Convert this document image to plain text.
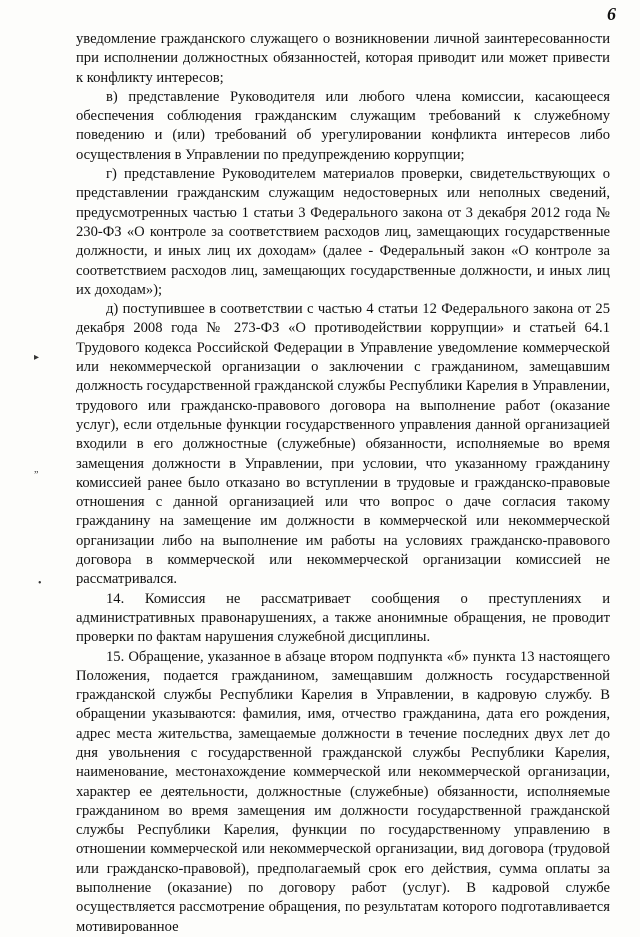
6
▸
”
•

уведомление гражданского служащего о возникновении личной заинтересованности при исполнении должностных обязанностей, которая приводит или может привести к конфликту интересов;

в) представление Руководителя или любого члена комиссии, касающееся обеспечения соблюдения гражданским служащим требований к служебному поведению и (или) требований об урегулировании конфликта интересов либо осуществления в Управлении по предупреждению коррупции;

г) представление Руководителем материалов проверки, свидетельствующих о представлении гражданским служащим недостоверных или неполных сведений, предусмотренных частью 1 статьи 3 Федерального закона от 3 декабря 2012 года № 230-ФЗ «О контроле за соответствием расходов лиц, замещающих государственные должности, и иных лиц их доходам» (далее - Федеральный закон «О контроле за соответствием расходов лиц, замещающих государственные должности, и иных лиц их доходам»);

д) поступившее в соответствии с частью 4 статьи 12 Федерального закона от 25 декабря 2008 года № 273-ФЗ «О противодействии коррупции» и статьей 64.1 Трудового кодекса Российской Федерации в Управление уведомление коммерческой или некоммерческой организации о заключении с гражданином, замещавшим должность государственной гражданской службы Республики Карелия в Управлении, трудового или гражданско-правового договора на выполнение работ (оказание услуг), если отдельные функции государственного управления данной организацией входили в его должностные (служебные) обязанности, исполняемые во время замещения должности в Управлении, при условии, что указанному гражданину комиссией ранее было отказано во вступлении в трудовые и гражданско-правовые отношения с данной организацией или что вопрос о даче согласия такому гражданину на замещение им должности в коммерческой или некоммерческой организации либо на выполнение им работы на условиях гражданско-правового договора в коммерческой или некоммерческой организации комиссией не рассматривался.

14. Комиссия не рассматривает сообщения о преступлениях и административных правонарушениях, а также анонимные обращения, не проводит проверки по фактам нарушения служебной дисциплины.

15. Обращение, указанное в абзаце втором подпункта «б» пункта 13 настоящего Положения, подается гражданином, замещавшим должность государственной гражданской службы Республики Карелия в Управлении, в кадровую службу. В обращении указываются: фамилия, имя, отчество гражданина, дата его рождения, адрес места жительства, замещаемые должности в течение последних двух лет до дня увольнения с государственной гражданской службы Республики Карелия, наименование, местонахождение коммерческой или некоммерческой организации, характер ее деятельности, должностные (служебные) обязанности, исполняемые гражданином во время замещения им должности государственной гражданской службы Республики Карелия, функции по государственному управлению в отношении коммерческой или некоммерческой организации, вид договора (трудовой или гражданско-правовой), предполагаемый срок его действия, сумма оплаты за выполнение (оказание) по договору работ (услуг). В кадровой службе осуществляется рассмотрение обращения, по результатам которого подготавливается мотивированное
